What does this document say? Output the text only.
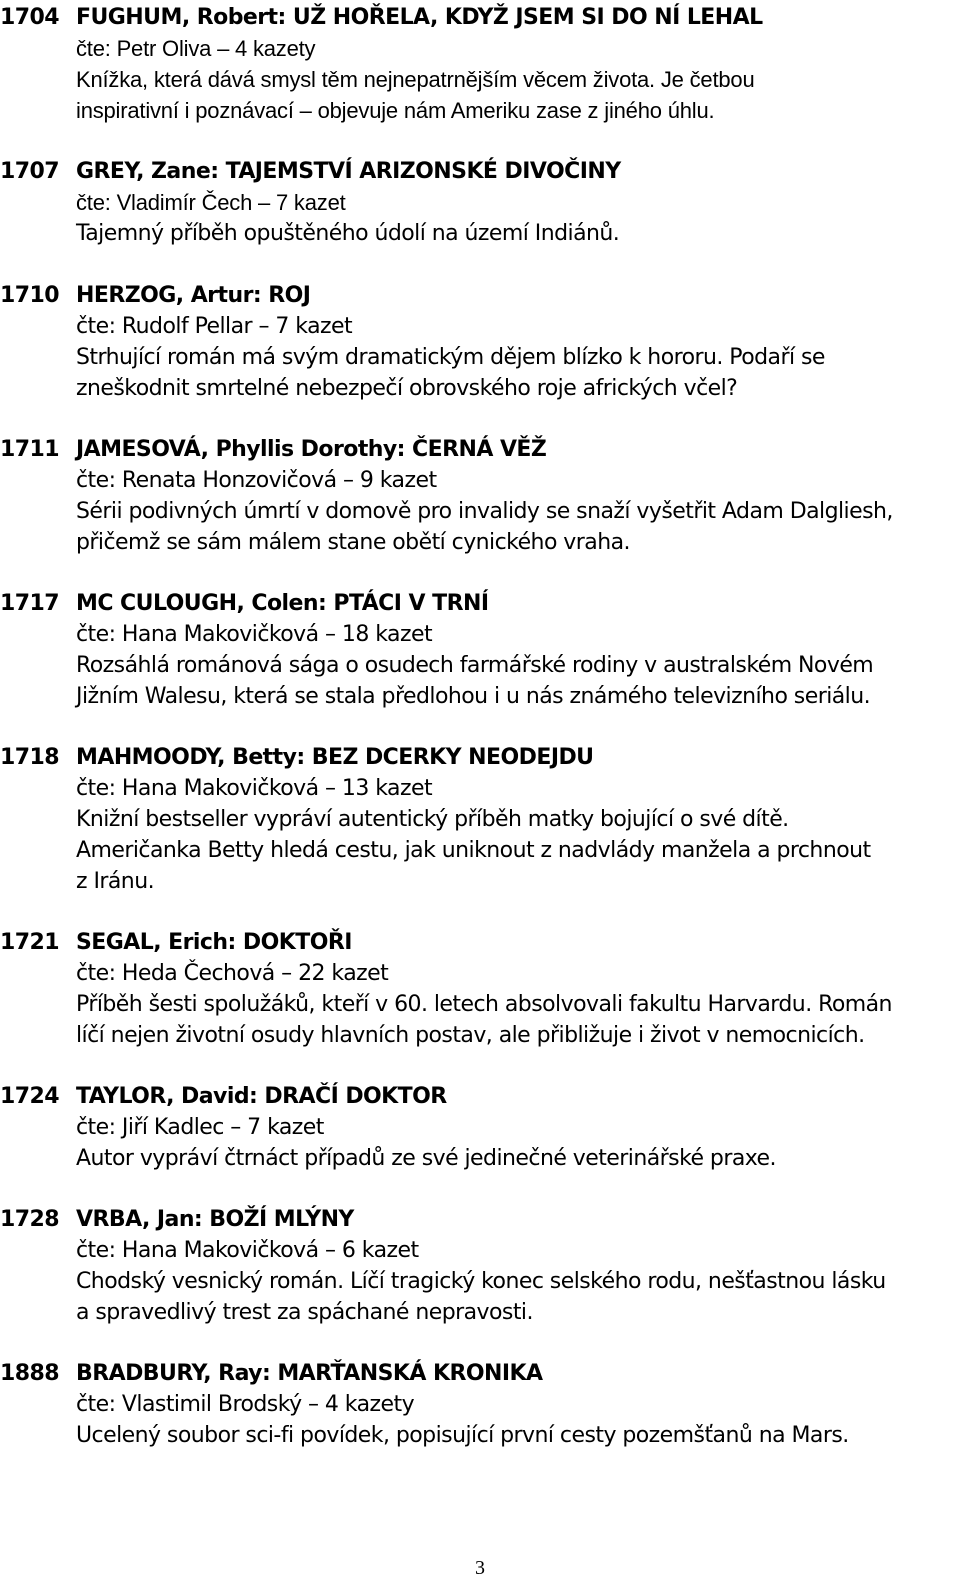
1704 FUGHUM, Robert: UŽ HOŘELA, KDYŽ JSEM SI DO NÍ LEHAL
čte: Petr Oliva – 4 kazety
Knížka, která dává smysl těm nejnepatrnějším věcem života. Je četbou
inspirativní i poznávací – objevuje nám Ameriku zase z jiného úhlu.
1707 GREY, Zane: TAJEMSTVÍ ARIZONSKÉ DIVOČINY
čte: Vladimír Čech – 7 kazet
Tajemný příběh opuštěného údolí na území Indiánů.
1710 HERZOG, Artur: ROJ
čte: Rudolf Pellar – 7 kazet
Strhující román má svým dramatickým dějem blízko k hororu. Podaří se
zneškodnit smrtelné nebezpečí obrovského roje afrických včel?
1711 JAMESOVÁ, Phyllis Dorothy: ČERNÁ VĚŽ
čte: Renata Honzovičová – 9 kazet
Sérii podivných úmrtí v domově pro invalidy se snaží vyšetřit Adam Dalgliesh,
přičemž se sám málem stane obětí cynického vraha.
1717 MC CULOUGH, Colen: PTÁCI V TRNÍ
čte: Hana Makovičková – 18 kazet
Rozsáhlá románová sága o osudech farmářské rodiny v australském Novém
Jižním Walesu, která se stala předlohou i u nás známého televizního seriálu.
1718 MAHMOODY, Betty: BEZ DCERKY NEODEJDU
čte: Hana Makovičková – 13 kazet
Knižní bestseller vypráví autentický příběh matky bojující o své dítě.
Američanka Betty hledá cestu, jak uniknout z nadvlády manžela a prchnout
z Iránu.
1721 SEGAL, Erich: DOKTOŘI
čte: Heda Čechová – 22 kazet
Příběh šesti spolužáků, kteří v 60. letech absolvovali fakultu Harvardu. Román
líčí nejen životní osudy hlavních postav, ale přibližuje i život v nemocnicích.
1724 TAYLOR, David: DRAČÍ DOKTOR
čte: Jiří Kadlec – 7 kazet
Autor vypráví čtrnáct případů ze své jedinečné veterinářské praxe.
1728 VRBA, Jan: BOŽÍ MLÝNY
čte: Hana Makovičková – 6 kazet
Chodský vesnický román. Líčí tragický konec selského rodu, nešťastnou lásku
a spravedlivý trest za spáchané nepravosti.
1888 BRADBURY, Ray: MARŤANSKÁ KRONIKA
čte: Vlastimil Brodský – 4 kazety
Ucelený soubor sci-fi povídek, popisující první cesty pozemšťanů na Mars.
3
